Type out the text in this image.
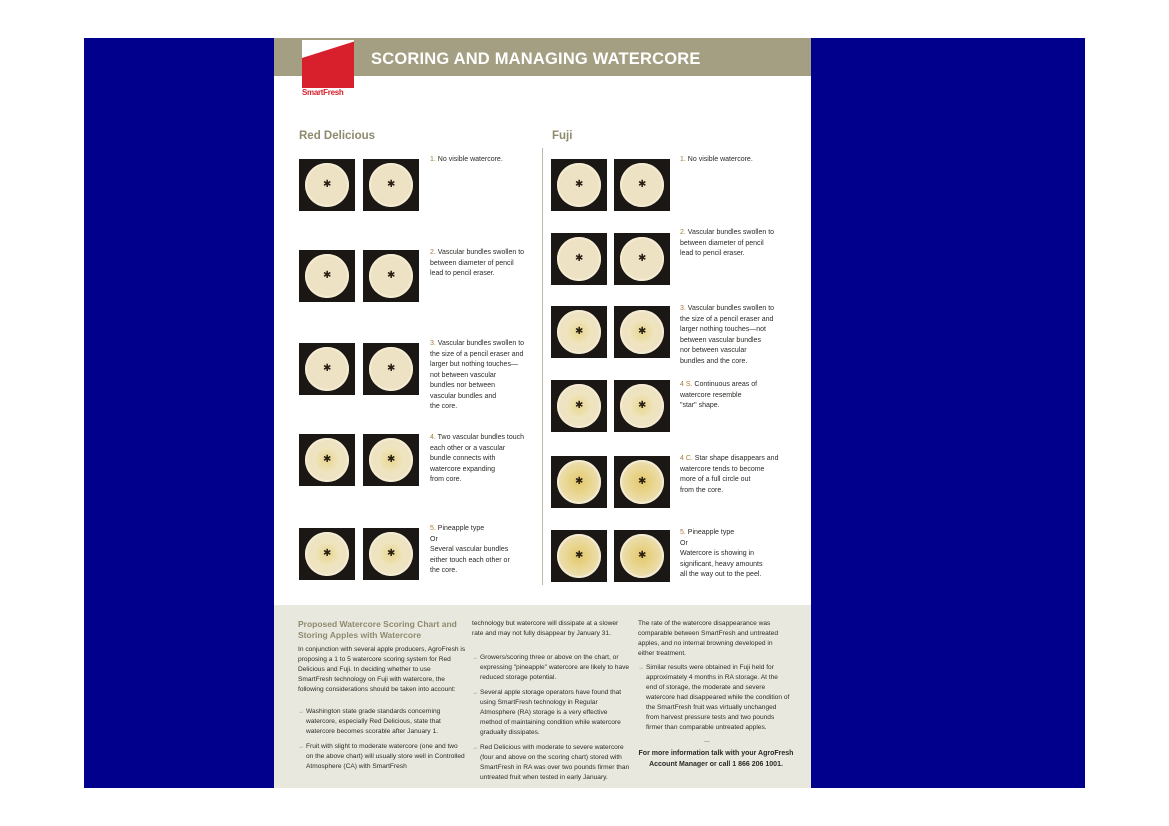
SCORING AND MANAGING WATERCORE
SmartFresh
Red Delicious	Fuji
✱	✱
1. No visible watercore.
✱	✱
2. Vascular bundles swollen to
between diameter of pencil
lead to pencil eraser.
✱	✱
3. Vascular bundles swollen to
the size of a pencil eraser and
larger but nothing touches—
not between vascular
bundles nor between
vascular bundles and
the core.
✱	✱
4. Two vascular bundles touch
each other or a vascular
bundle connects with
watercore expanding
from core.
✱	✱
5. Pineapple type
Or
Several vascular bundles
either touch each other or
the core.
✱	✱
1. No visible watercore.
✱	✱
2. Vascular bundles swollen to
between diameter of pencil
lead to pencil eraser.
✱	✱
3. Vascular bundles swollen to
the size of a pencil eraser and
larger nothing touches—not
between vascular bundles
nor between vascular
bundles and the core.
✱	✱
4 S. Continuous areas of
watercore resemble
"star" shape.
✱	✱
4 C. Star shape disappears and
watercore tends to become
more of a full circle out
from the core.
✱	✱
5. Pineapple type
Or
Watercore is showing in
significant, heavy amounts
all the way out to the peel.
Proposed Watercore Scoring Chart and Storing Apples with Watercore
In conjunction with several apple producers, AgroFresh is proposing a 1 to 5 watercore scoring system for Red Delicious and Fuji. In deciding whether to use SmartFresh technology on Fuji with watercore, the following considerations should be taken into account:
→ Washington state grade standards concerning watercore, especially Red Delicious, state that watercore becomes scorable after January 1.
→ Fruit with slight to moderate watercore (one and two on the above chart) will usually store well in Controlled Atmosphere (CA) with SmartFresh
technology but watercore will dissipate at a slower rate and may not fully disappear by January 31.
→ Growers/scoring three or above on the chart, or expressing "pineapple" watercore are likely to have reduced storage potential.
→ Several apple storage operators have found that using SmartFresh technology in Regular Atmosphere (RA) storage is a very effective method of maintaining condition while watercore gradually dissipates.
→ Red Delicious with moderate to severe watercore (four and above on the scoring chart) stored with SmartFresh in RA was over two pounds firmer than untreated fruit when tested in early January.
The rate of the watercore disappearance was comparable between SmartFresh and untreated apples, and no internal browning developed in either treatment.
→ Similar results were obtained in Fuji held for approximately 4 months in RA storage. At the end of storage, the moderate and severe watercore had disappeared while the condition of the SmartFresh fruit was virtually unchanged from harvest pressure tests and two pounds firmer than comparable untreated apples.
...
For more information talk with your AgroFresh Account Manager or call 1 866 206 1001.
